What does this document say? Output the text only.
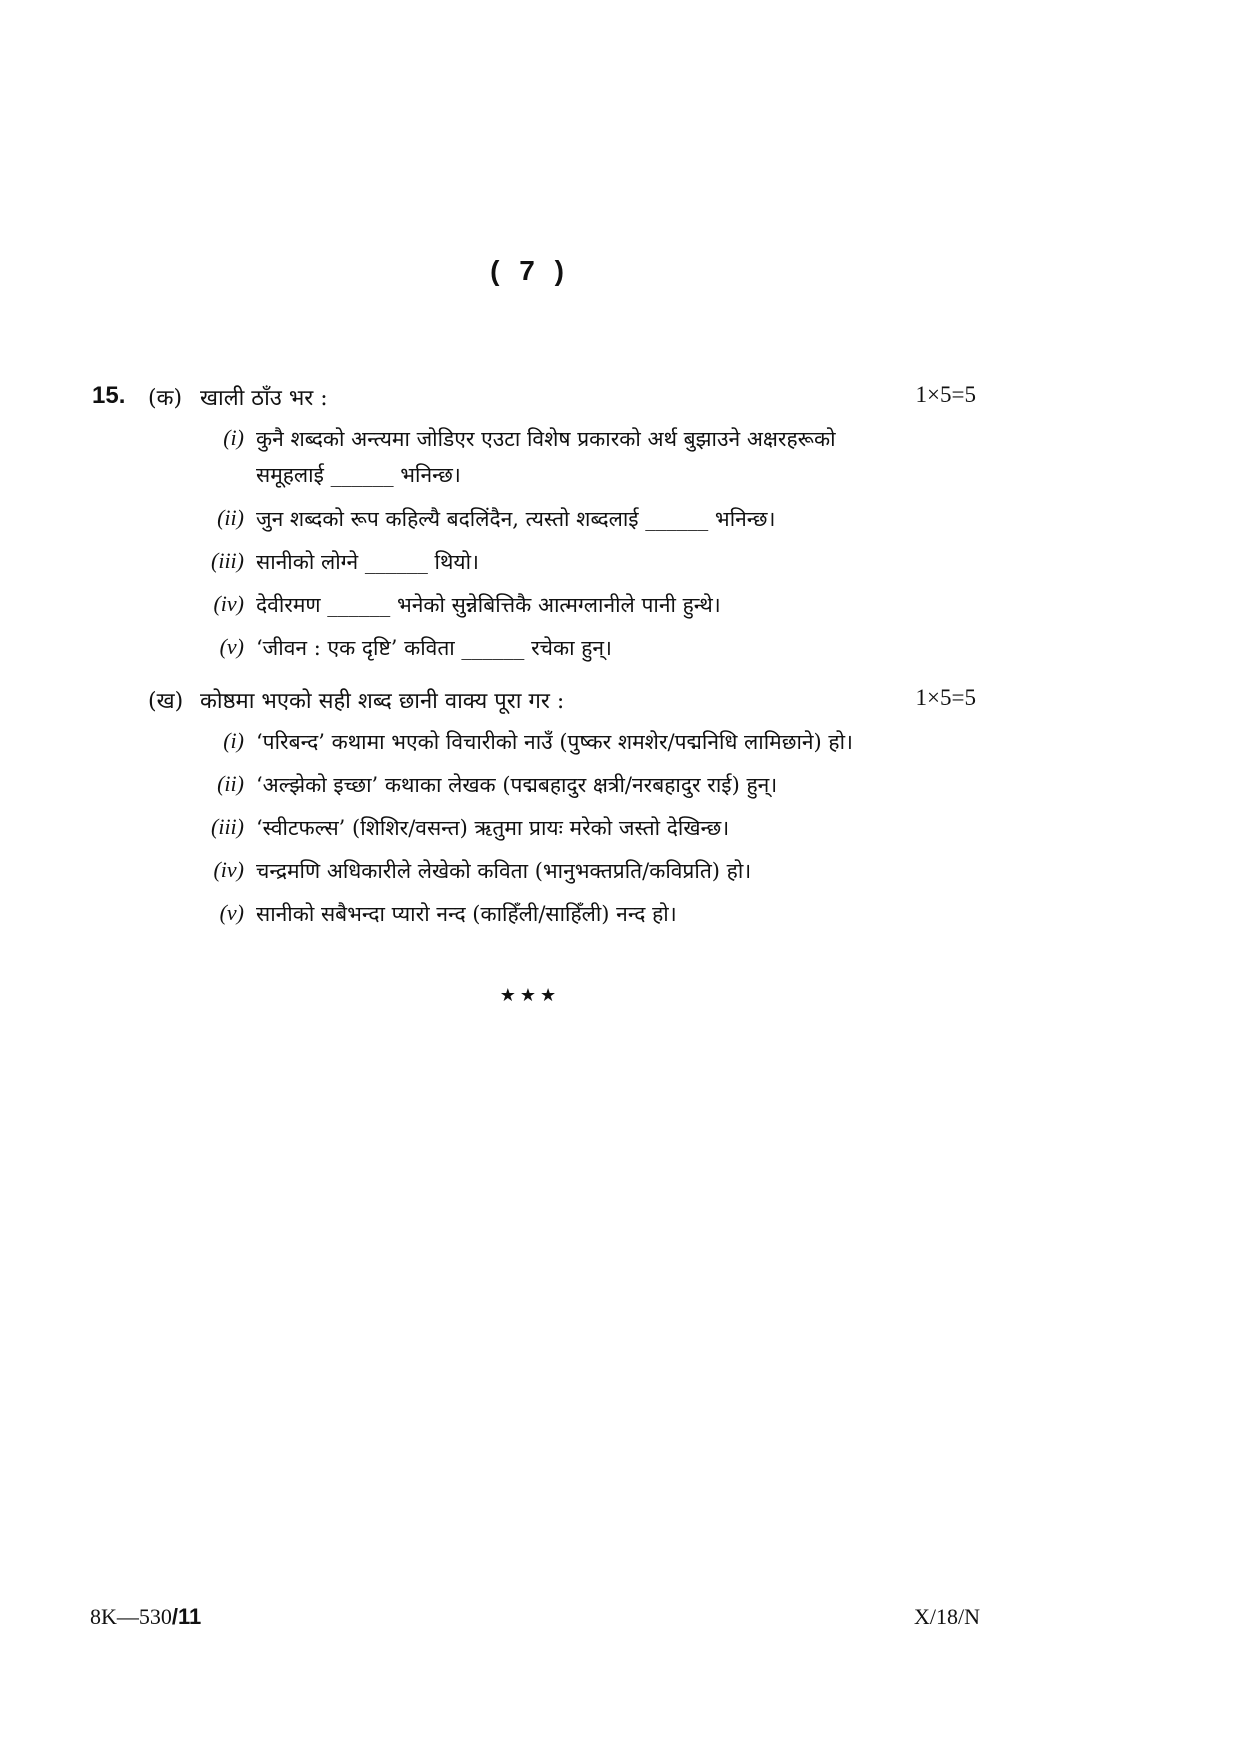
( 7 )
15. (क) खाली ठाँउ भर :	1×5=5
(i) कुनै शब्दको अन्त्यमा जोडिएर एउटा विशेष प्रकारको अर्थ बुझाउने अक्षरहरूको
समूहलाई ______ भनिन्छ।
(ii) जुन शब्दको रूप कहिल्यै बदलिंदैन, त्यस्तो शब्दलाई ______ भनिन्छ।
(iii) सानीको लोग्ने ______ थियो।
(iv) देवीरमण ______ भनेको सुन्नेबित्तिकै आत्मग्लानीले पानी हुन्थे।
(v) ‘जीवन : एक दृष्टि’ कविता ______ रचेका हुन्।
(ख) कोष्ठमा भएको सही शब्द छानी वाक्य पूरा गर :	1×5=5
(i) ‘परिबन्द’ कथामा भएको विचारीको नाउँ (पुष्कर शमशेर/पद्मनिधि लामिछाने) हो।
(ii) ‘अल्झेको इच्छा’ कथाका लेखक (पद्मबहादुर क्षत्री/नरबहादुर राई) हुन्।
(iii) ‘स्वीटफल्स’ (शिशिर/वसन्त) ऋतुमा प्रायः मरेको जस्तो देखिन्छ।
(iv) चन्द्रमणि अधिकारीले लेखेको कविता (भानुभक्तप्रति/कविप्रति) हो।
(v) सानीको सबैभन्दा प्यारो नन्द (काहिँली/साहिँली) नन्द हो।
★★★
8K—530/11	X/18/N
